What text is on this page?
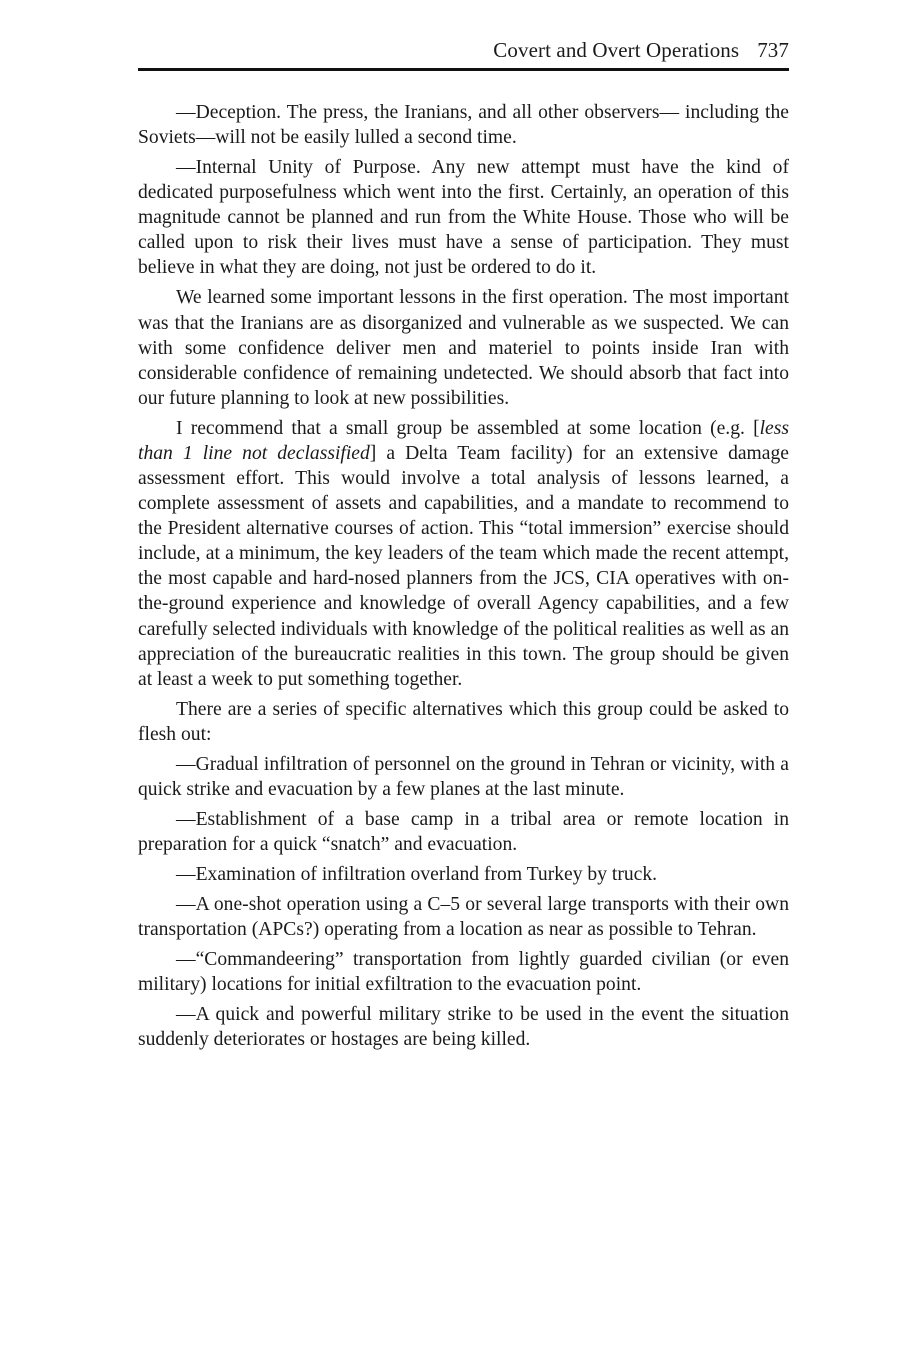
Covert and Overt Operations 737

—Deception. The press, the Iranians, and all other observers— including the Soviets—will not be easily lulled a second time.

—Internal Unity of Purpose. Any new attempt must have the kind of dedicated purposefulness which went into the first. Certainly, an operation of this magnitude cannot be planned and run from the White House. Those who will be called upon to risk their lives must have a sense of participation. They must believe in what they are doing, not just be ordered to do it.

We learned some important lessons in the first operation. The most important was that the Iranians are as disorganized and vulnerable as we suspected. We can with some confidence deliver men and materiel to points inside Iran with considerable confidence of remaining undetected. We should absorb that fact into our future planning to look at new possibilities.

I recommend that a small group be assembled at some location (e.g. [less than 1 line not declassified] a Delta Team facility) for an extensive damage assessment effort. This would involve a total analysis of lessons learned, a complete assessment of assets and capabilities, and a mandate to recommend to the President alternative courses of action. This “total immersion” exercise should include, at a minimum, the key leaders of the team which made the recent attempt, the most capable and hard-nosed planners from the JCS, CIA operatives with on-the-ground experience and knowledge of overall Agency capabilities, and a few carefully selected individuals with knowledge of the political realities as well as an appreciation of the bureaucratic realities in this town. The group should be given at least a week to put something together.

There are a series of specific alternatives which this group could be asked to flesh out:

—Gradual infiltration of personnel on the ground in Tehran or vicinity, with a quick strike and evacuation by a few planes at the last minute.

—Establishment of a base camp in a tribal area or remote location in preparation for a quick “snatch” and evacuation.

—Examination of infiltration overland from Turkey by truck.

—A one-shot operation using a C–5 or several large transports with their own transportation (APCs?) operating from a location as near as possible to Tehran.

—“Commandeering” transportation from lightly guarded civilian (or even military) locations for initial exfiltration to the evacuation point.

—A quick and powerful military strike to be used in the event the situation suddenly deteriorates or hostages are being killed.
